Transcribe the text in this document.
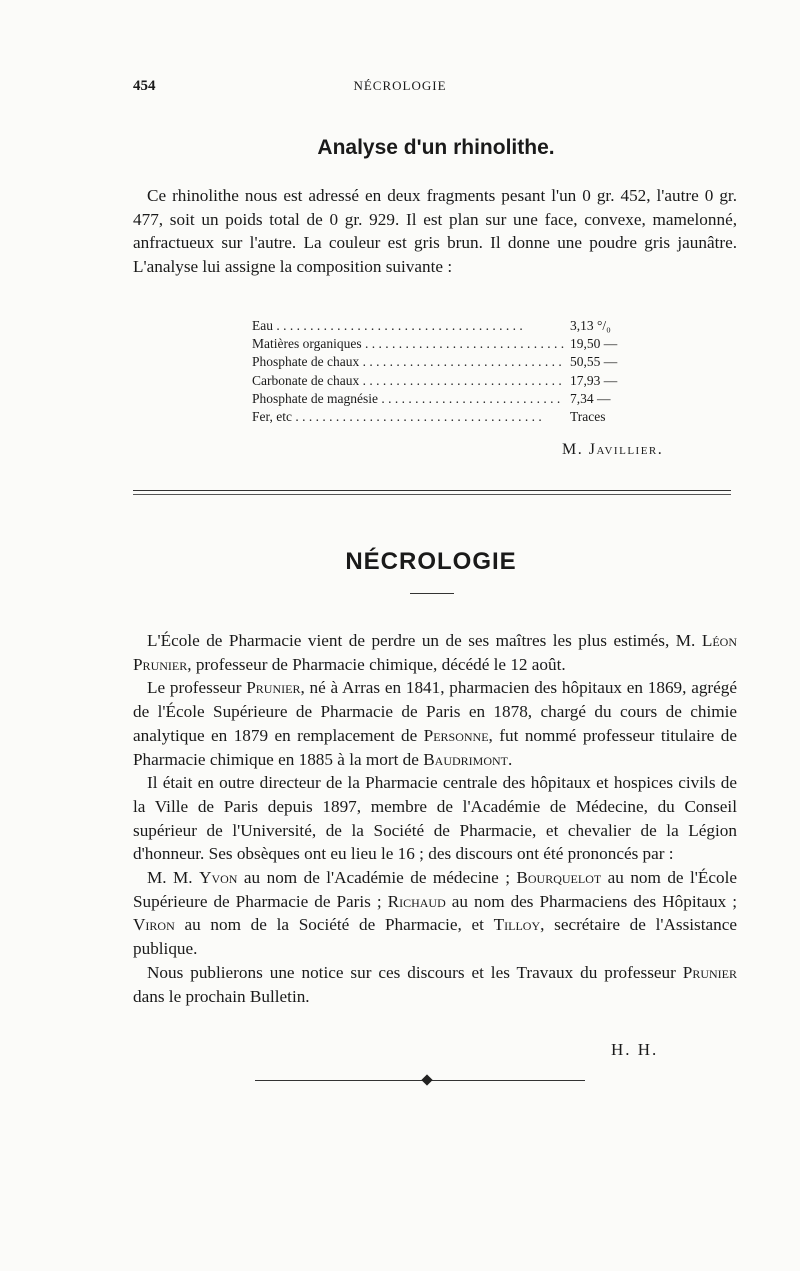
454	NÉCROLOGIE
Analyse d'un rhinolithe.

Ce rhinolithe nous est adressé en deux fragments pesant l'un 0 gr. 452, l'autre 0 gr. 477, soit un poids total de 0 gr. 929. Il est plan sur une face, convexe, mamelonné, anfractueux sur l'autre. La couleur est gris brun. Il donne une poudre gris jaunâtre. L'analyse lui assigne la composition suivante :

Eau . . .	3,13 °/₀
Matières organiques . . .	19,50 —
Phosphate de chaux . . .	50,55 —
Carbonate de chaux . . .	17,93 —
Phosphate de magnésie . . .	7,34 —
Fer, etc . . .	Traces
M. Javillier.
NÉCROLOGIE
L'École de Pharmacie vient de perdre un de ses maîtres les plus estimés, M. Léon Prunier, professeur de Pharmacie chimique, décédé le 12 août.
Le professeur Prunier, né à Arras en 1841, pharmacien des hôpitaux en 1869, agrégé de l'École Supérieure de Pharmacie de Paris en 1878, chargé du cours de chimie analytique en 1879 en remplacement de Personne, fut nommé professeur titulaire de Pharmacie chimique en 1885 à la mort de Baudrimont.
Il était en outre directeur de la Pharmacie centrale des hôpitaux et hospices civils de la Ville de Paris depuis 1897, membre de l'Académie de Médecine, du Conseil supérieur de l'Université, de la Société de Pharmacie, et chevalier de la Légion d'honneur. Ses obsèques ont eu lieu le 16 ; des discours ont été prononcés par :
M. M. Yvon au nom de l'Académie de médecine ; Bourquelot au nom de l'École Supérieure de Pharmacie de Paris ; Richaud au nom des Pharmaciens des Hôpitaux ; Viron au nom de la Société de Pharmacie, et Tilloy, secrétaire de l'Assistance publique.
Nous publierons une notice sur ces discours et les Travaux du professeur Prunier dans le prochain Bulletin.
H. H.
